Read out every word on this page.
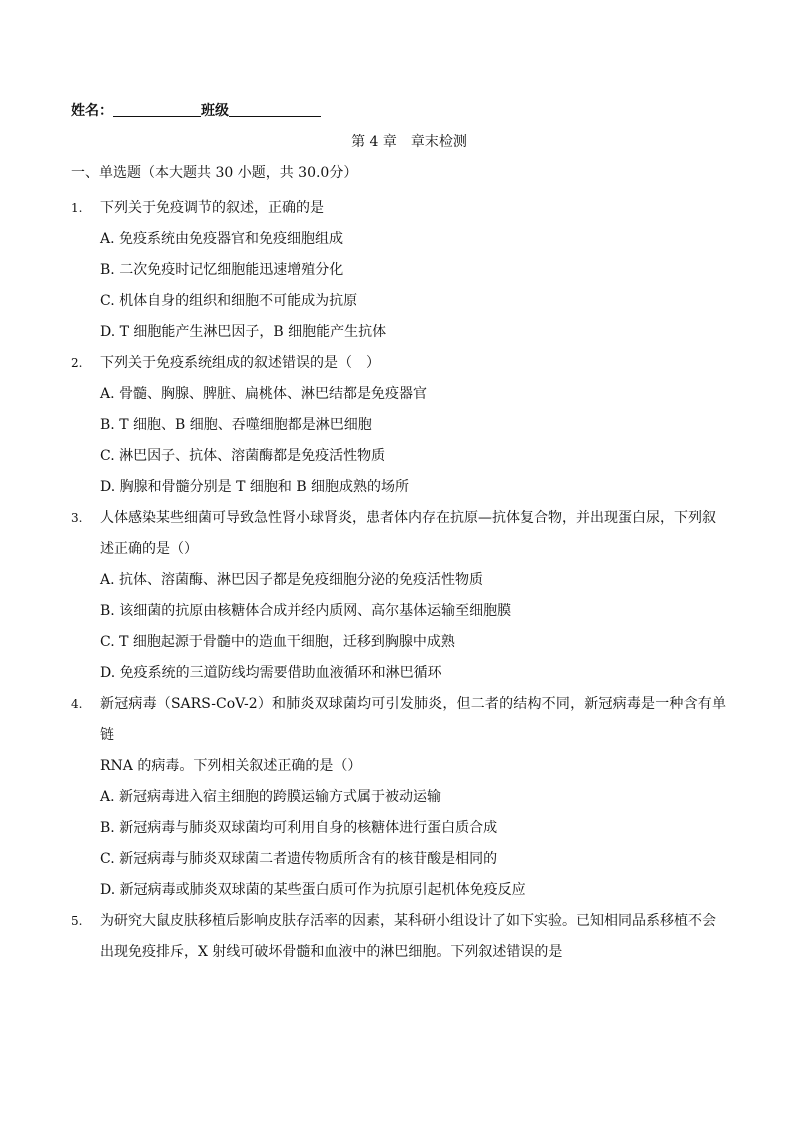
姓名：	班级
第 4 章 章末检测
一、单选题（本大题共 30 小题，共 30.0分）
1.	下列关于免疫调节的叙述，正确的是
A. 免疫系统由免疫器官和免疫细胞组成
B. 二次免疫时记忆细胞能迅速增殖分化
C. 机体自身的组织和细胞不可能成为抗原
D. T 细胞能产生淋巴因子，B 细胞能产生抗体
2.	下列关于免疫系统组成的叙述错误的是（　）
A. 骨髓、胸腺、脾脏、扁桃体、淋巴结都是免疫器官
B. T 细胞、B 细胞、吞噬细胞都是淋巴细胞
C. 淋巴因子、抗体、溶菌酶都是免疫活性物质
D. 胸腺和骨髓分别是 T 细胞和 B 细胞成熟的场所
3.	人体感染某些细菌可导致急性肾小球肾炎，患者体内存在抗原—抗体复合物，并出现蛋白尿，下列叙
述正确的是（）
A. 抗体、溶菌酶、淋巴因子都是免疫细胞分泌的免疫活性物质
B. 该细菌的抗原由核糖体合成并经内质网、高尔基体运输至细胞膜
C. T 细胞起源于骨髓中的造血干细胞，迁移到胸腺中成熟
D. 免疫系统的三道防线均需要借助血液循环和淋巴循环
4.	新冠病毒（SARS-CoV-2）和肺炎双球菌均可引发肺炎，但二者的结构不同，新冠病毒是一种含有单链
RNA 的病毒。下列相关叙述正确的是（）
A. 新冠病毒进入宿主细胞的跨膜运输方式属于被动运输
B. 新冠病毒与肺炎双球菌均可利用自身的核糖体进行蛋白质合成
C. 新冠病毒与肺炎双球菌二者遗传物质所含有的核苷酸是相同的
D. 新冠病毒或肺炎双球菌的某些蛋白质可作为抗原引起机体免疫反应
5.	为研究大鼠皮肤移植后影响皮肤存活率的因素，某科研小组设计了如下实验。已知相同品系移植不会
出现免疫排斥，X 射线可破坏骨髓和血液中的淋巴细胞。下列叙述错误的是
